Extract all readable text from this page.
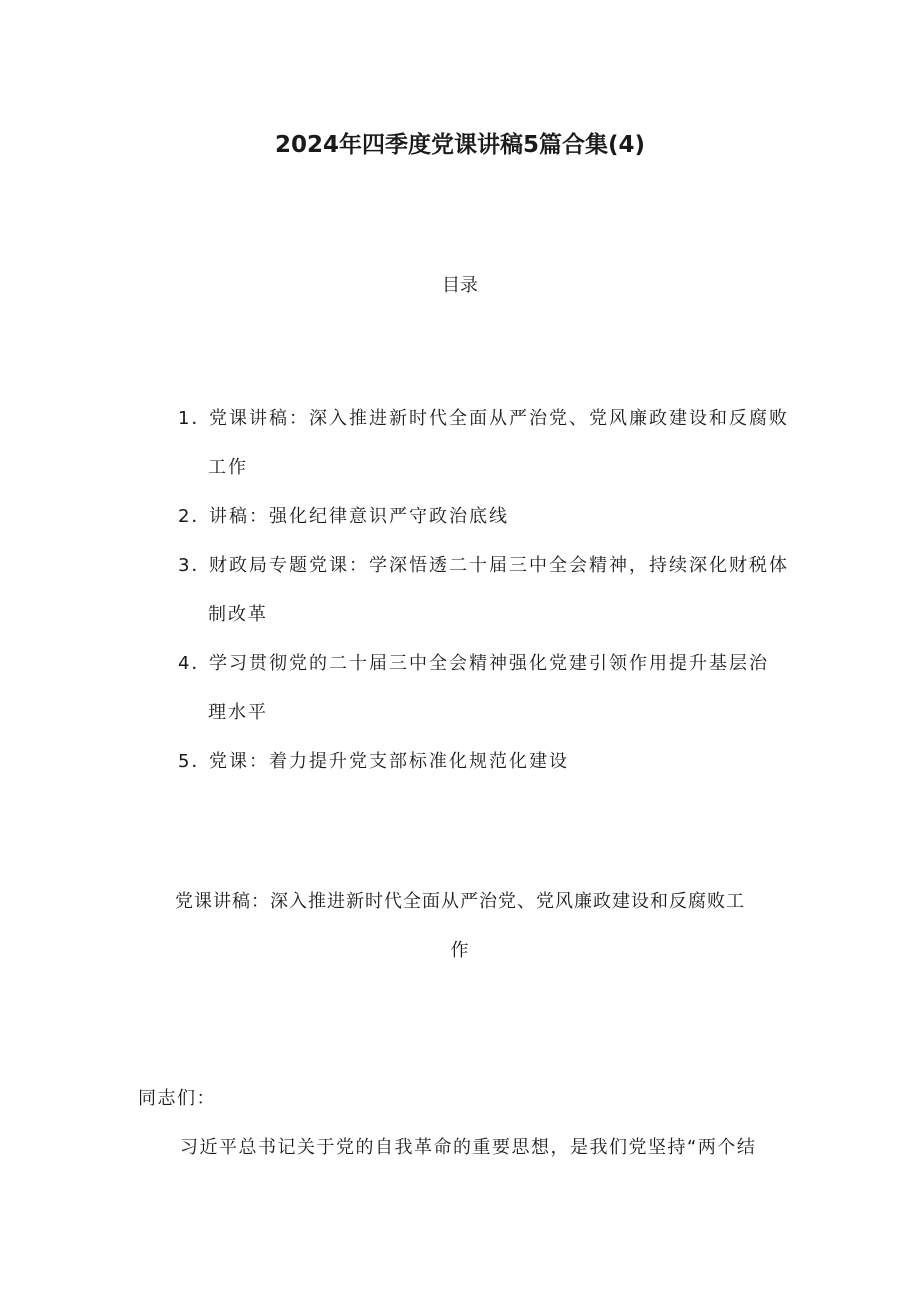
2024年四季度党课讲稿5篇合集(4)
目录
1．党课讲稿：深入推进新时代全面从严治党、党风廉政建设和反腐败
工作
2．讲稿：强化纪律意识严守政治底线
3．财政局专题党课：学深悟透二十届三中全会精神，持续深化财税体
制改革
4．学习贯彻党的二十届三中全会精神强化党建引领作用提升基层治
理水平
5．党课：着力提升党支部标准化规范化建设
党课讲稿：深入推进新时代全面从严治党、党风廉政建设和反腐败工
作
同志们：
习近平总书记关于党的自我革命的重要思想，是我们党坚持“两个结
